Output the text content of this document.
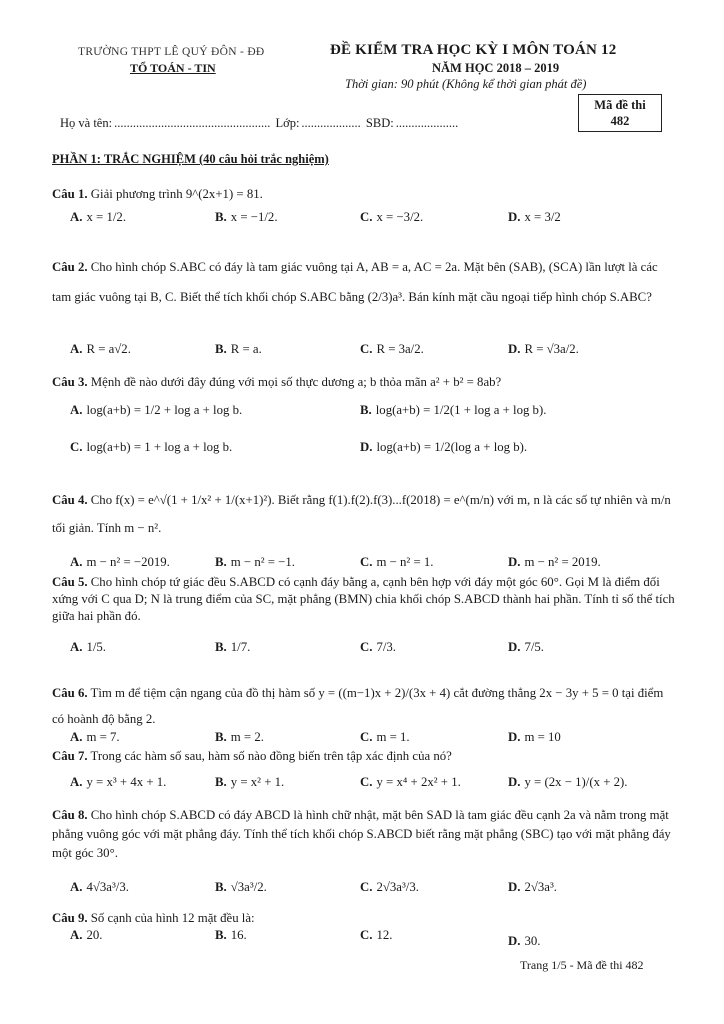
TRƯỜNG THPT LÊ QUÝ ĐÔN - ĐĐ
TỔ TOÁN - TIN
ĐỀ KIỂM TRA HỌC KỲ I MÔN TOÁN 12
NĂM HỌC 2018 – 2019
Thời gian: 90 phút (Không kể thời gian phát đề)
Mã đề thi
482
Họ và tên: .................................................. Lớp: ................... SBD: ....................
PHẦN 1: TRẮC NGHIỆM (40 câu hỏi trắc nghiệm)
Câu 1. Giải phương trình 9^(2x+1) = 81.
A. x = 1/2.	B. x = −1/2.	C. x = −3/2.	D. x = 3/2
Câu 2. Cho hình chóp S.ABC có đáy là tam giác vuông tại A, AB = a, AC = 2a. Mặt bên (SAB), (SCA) lần lượt là các tam giác vuông tại B, C. Biết thể tích khối chóp S.ABC bằng (2/3)a³. Bán kính mặt cầu ngoại tiếp hình chóp S.ABC?
A. R = a√2.	B. R = a.	C. R = 3a/2.	D. R = √3a/2.
Câu 3. Mệnh đề nào dưới đây đúng với mọi số thực dương a; b thỏa mãn a² + b² = 8ab?
A. log(a+b) = 1/2 + log a + log b.	B. log(a+b) = 1/2(1 + log a + log b).
C. log(a+b) = 1 + log a + log b.	D. log(a+b) = 1/2(log a + log b).
Câu 4. Cho f(x) = e^√(1 + 1/x² + 1/(x+1)²). Biết rằng f(1).f(2).f(3)...f(2018) = e^(m/n) với m, n là các số tự nhiên và m/n tối giản. Tính m − n².
A. m − n² = −2019.	B. m − n² = −1.	C. m − n² = 1.	D. m − n² = 2019.
Câu 5. Cho hình chóp tứ giác đều S.ABCD có cạnh đáy bằng a, cạnh bên hợp với đáy một góc 60°. Gọi M là điểm đối xứng với C qua D; N là trung điểm của SC, mặt phẳng (BMN) chia khối chóp S.ABCD thành hai phần. Tính tỉ số thể tích giữa hai phần đó.
A. 1/5.	B. 1/7.	C. 7/3.	D. 7/5.
Câu 6. Tìm m để tiệm cận ngang của đồ thị hàm số y = ((m−1)x + 2)/(3x + 4) cắt đường thẳng 2x − 3y + 5 = 0 tại điểm có hoành độ bằng 2.
A. m = 7.	B. m = 2.	C. m = 1.	D. m = 10
Câu 7. Trong các hàm số sau, hàm số nào đồng biến trên tập xác định của nó?
A. y = x³ + 4x + 1.	B. y = x² + 1.	C. y = x⁴ + 2x² + 1.	D. y = (2x − 1)/(x + 2).
Câu 8. Cho hình chóp S.ABCD có đáy ABCD là hình chữ nhật, mặt bên SAD là tam giác đều cạnh 2a và nằm trong mặt phẳng vuông góc với mặt phẳng đáy. Tính thể tích khối chóp S.ABCD biết rằng mặt phẳng (SBC) tạo với mặt phẳng đáy một góc 30°.
A. 4√3a³/3.	B. √3a³/2.	C. 2√3a³/3.	D. 2√3a³.
Câu 9. Số cạnh của hình 12 mặt đều là:
A. 20.	B. 16.	C. 12.	D. 30.
Trang 1/5 - Mã đề thi 482
